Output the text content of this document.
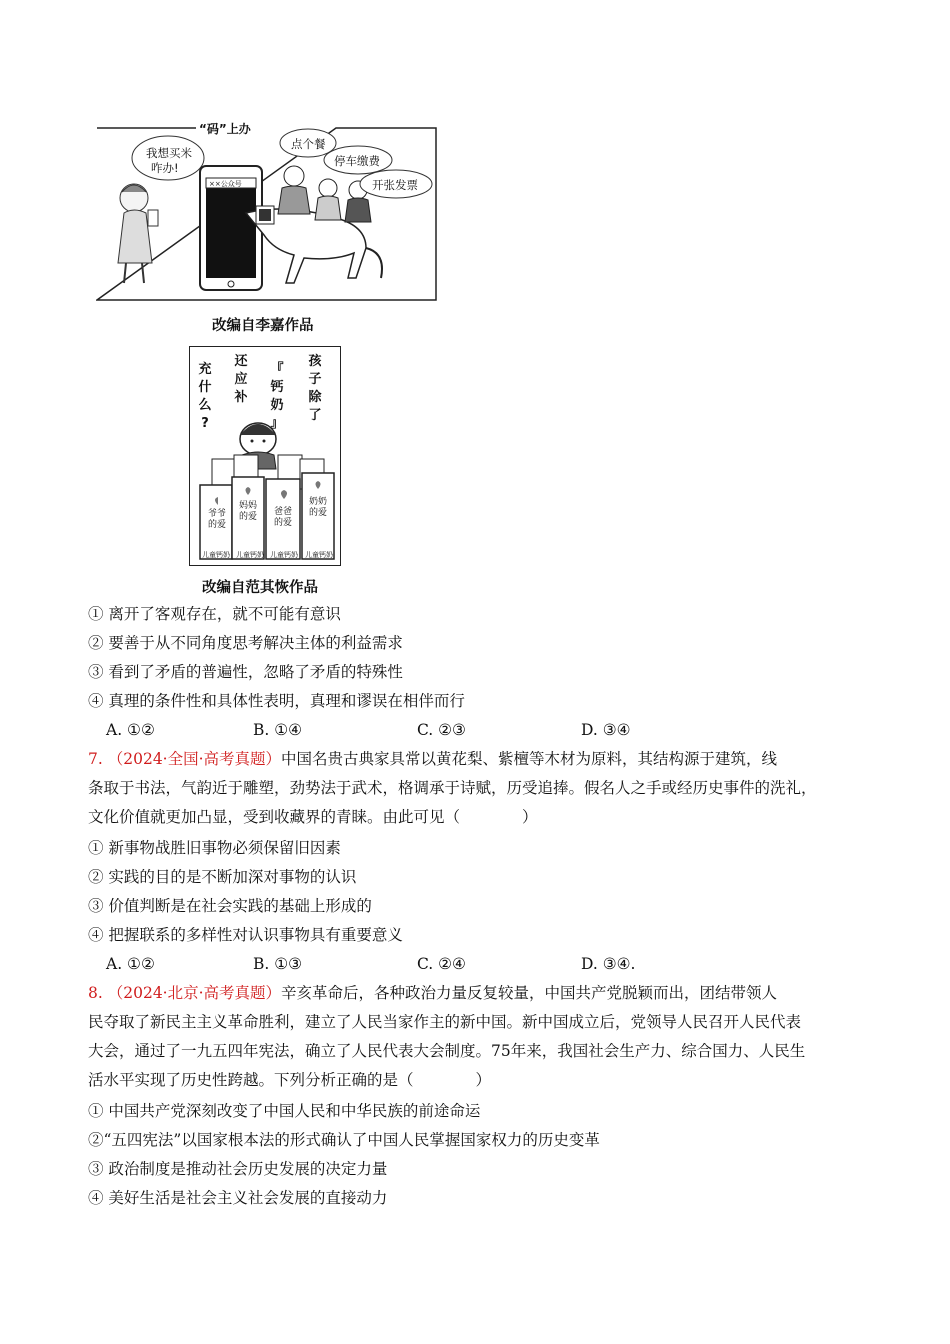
“码”上办
我想买米
咋办!
点个餐
停车缴费
开张发票
××公众号
改编自李嘉作品
充
什
么
?
还
应
补
『
钙
奶
』
孩
子
除
了
爷爷的爱
妈妈的爱 爸爸的爱
奶奶的爱
儿童钙奶 儿童钙奶 儿童钙奶 儿童钙奶
改编自范其恢作品
① 离开了客观存在，就不可能有意识
② 要善于从不同角度思考解决主体的利益需求
③ 看到了矛盾的普遍性，忽略了矛盾的特殊性
④ 真理的条件性和具体性表明，真理和谬误在相伴而行
A. ①②	B. ①④	C. ②③	D. ③④
7. （2024·全国·高考真题）中国名贵古典家具常以黄花梨、紫檀等木材为原料，其结构源于建筑，线
条取于书法，气韵近于雕塑，劲势法于武术，格调承于诗赋，历受追捧。假名人之手或经历史事件的洗礼，
文化价值就更加凸显，受到收藏界的青睐。由此可见（　　　　）
① 新事物战胜旧事物必须保留旧因素
② 实践的目的是不断加深对事物的认识
③ 价值判断是在社会实践的基础上形成的
④ 把握联系的多样性对认识事物具有重要意义
A. ①②	B. ①③	C. ②④	D. ③④.
8. （2024·北京·高考真题）辛亥革命后，各种政治力量反复较量，中国共产党脱颖而出，团结带领人
民夺取了新民主主义革命胜利，建立了人民当家作主的新中国。新中国成立后，党领导人民召开人民代表
大会，通过了一九五四年宪法，确立了人民代表大会制度。75年来，我国社会生产力、综合国力、人民生
活水平实现了历史性跨越。下列分析正确的是（　　　　）
① 中国共产党深刻改变了中国人民和中华民族的前途命运
②“五四宪法”以国家根本法的形式确认了中国人民掌握国家权力的历史变革
③ 政治制度是推动社会历史发展的决定力量
④ 美好生活是社会主义社会发展的直接动力
